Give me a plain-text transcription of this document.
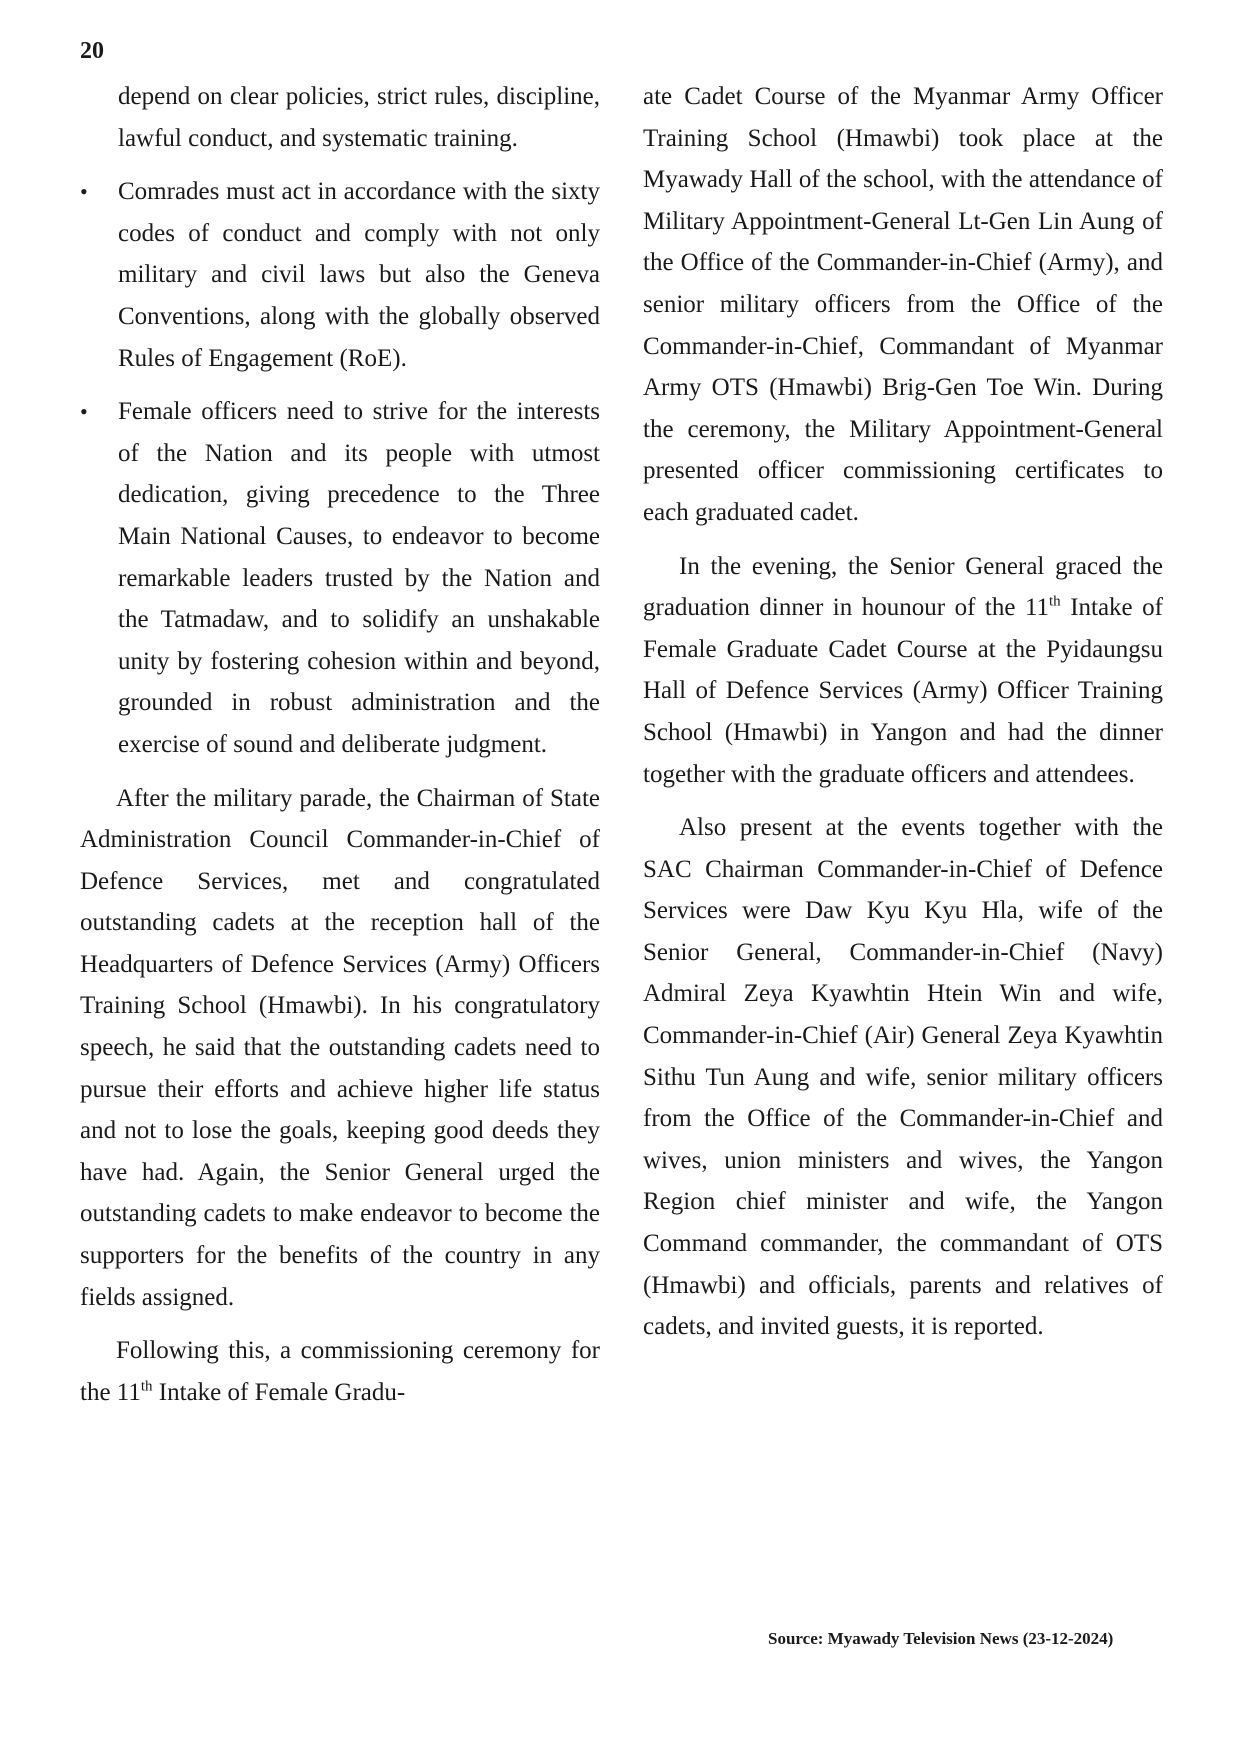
20
depend on clear policies, strict rules, discipline, lawful conduct, and systematic training.
• Comrades must act in accordance with the sixty codes of conduct and comply with not only military and civil laws but also the Geneva Conventions, along with the globally observed Rules of Engagement (RoE).
• Female officers need to strive for the interests of the Nation and its people with utmost dedication, giving precedence to the Three Main National Causes, to endeavor to become remarkable leaders trusted by the Nation and the Tatmadaw, and to solidify an unshakable unity by fostering cohesion within and beyond, grounded in robust administration and the exercise of sound and deliberate judgment.

After the military parade, the Chairman of State Administration Council Commander-in-Chief of Defence Services, met and congratulated outstanding cadets at the reception hall of the Headquarters of Defence Services (Army) Officers Training School (Hmawbi). In his congratulatory speech, he said that the outstanding cadets need to pursue their efforts and achieve higher life status and not to lose the goals, keeping good deeds they have had. Again, the Senior General urged the outstanding cadets to make endeavor to become the supporters for the benefits of the country in any fields assigned.

Following this, a commissioning ceremony for the 11th Intake of Female Gradu-

ate Cadet Course of the Myanmar Army Officer Training School (Hmawbi) took place at the Myawady Hall of the school, with the attendance of Military Appointment-General Lt-Gen Lin Aung of the Office of the Commander-in-Chief (Army), and senior military officers from the Office of the Commander-in-Chief, Commandant of Myanmar Army OTS (Hmawbi) Brig-Gen Toe Win. During the ceremony, the Military Appointment-General presented officer commissioning certificates to each graduated cadet.

In the evening, the Senior General graced the graduation dinner in hounour of the 11th Intake of Female Graduate Cadet Course at the Pyidaungsu Hall of Defence Services (Army) Officer Training School (Hmawbi) in Yangon and had the dinner together with the graduate officers and attendees.

Also present at the events together with the SAC Chairman Commander-in-Chief of Defence Services were Daw Kyu Kyu Hla, wife of the Senior General, Commander-in-Chief (Navy) Admiral Zeya Kyawhtin Htein Win and wife, Commander-in-Chief (Air) General Zeya Kyawhtin Sithu Tun Aung and wife, senior military officers from the Office of the Commander-in-Chief and wives, union ministers and wives, the Yangon Region chief minister and wife, the Yangon Command commander, the commandant of OTS (Hmawbi) and officials, parents and relatives of cadets, and invited guests, it is reported.

Source: Myawady Television News (23-12-2024)
